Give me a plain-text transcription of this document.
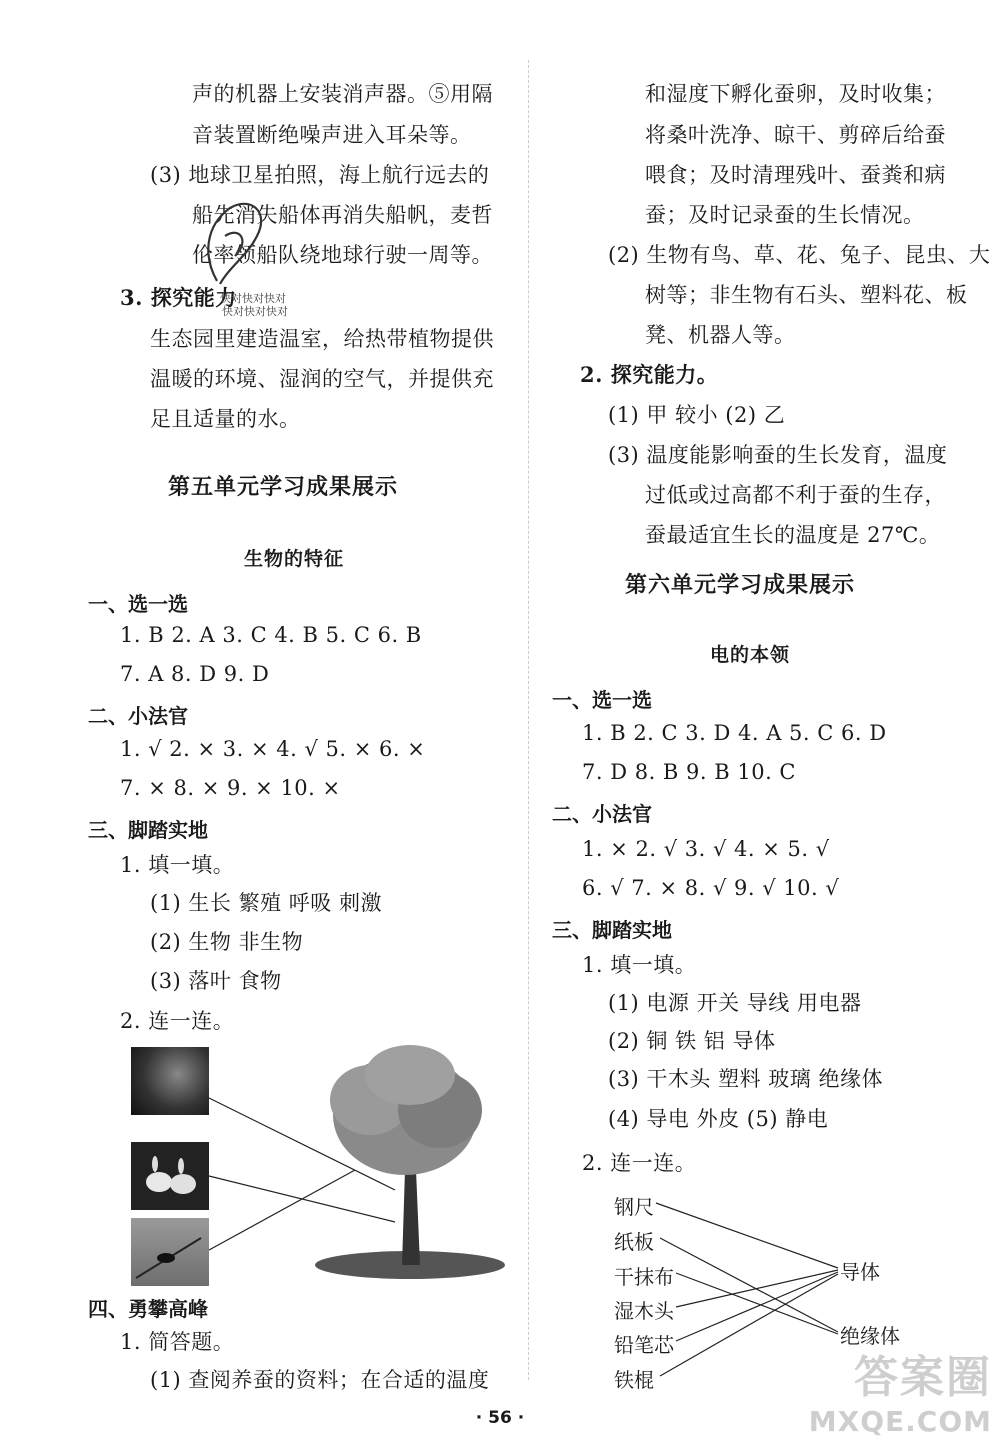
声的机器上安装消声器。⑤用隔
音装置断绝噪声进入耳朵等。
(3) 地球卫星拍照，海上航行远去的
船先消失船体再消失船帆，麦哲
伦率领船队绕地球行驶一周等。
3. 探究能力
快对快对快对
快对快对快对
生态园里建造温室，给热带植物提供
温暖的环境、湿润的空气，并提供充
足且适量的水。
第五单元学习成果展示
生物的特征
一、选一选
1. B 2. A 3. C 4. B 5. C 6. B
7. A 8. D 9. D
二、小法官
1. √ 2. × 3. × 4. √ 5. × 6. ×
7. × 8. × 9. × 10. ×
三、脚踏实地
1. 填一填。
(1) 生长 繁殖 呼吸 刺激
(2) 生物 非生物
(3) 落叶 食物
2. 连一连。
四、勇攀高峰
1. 简答题。
(1) 查阅养蚕的资料；在合适的温度
和湿度下孵化蚕卵，及时收集；
将桑叶洗净、晾干、剪碎后给蚕
喂食；及时清理残叶、蚕粪和病
蚕；及时记录蚕的生长情况。
(2) 生物有鸟、草、花、兔子、昆虫、大
树等；非生物有石头、塑料花、板
凳、机器人等。
2. 探究能力。
(1) 甲 较小 (2) 乙
(3) 温度能影响蚕的生长发育，温度
过低或过高都不利于蚕的生存，
蚕最适宜生长的温度是 27℃。
第六单元学习成果展示
电的本领
一、选一选
1. B 2. C 3. D 4. A 5. C 6. D
7. D 8. B 9. B 10. C
二、小法官
1. × 2. √ 3. √ 4. × 5. √
6. √ 7. × 8. √ 9. √ 10. √
三、脚踏实地
1. 填一填。
(1) 电源 开关 导线 用电器
(2) 铜 铁 铝 导体
(3) 干木头 塑料 玻璃 绝缘体
(4) 导电 外皮 (5) 静电
2. 连一连。
钢尺
纸板
干抹布
湿木头
铅笔芯
铁棍
导体
绝缘体
· 56 ·
答案圈
MXQE.COM
